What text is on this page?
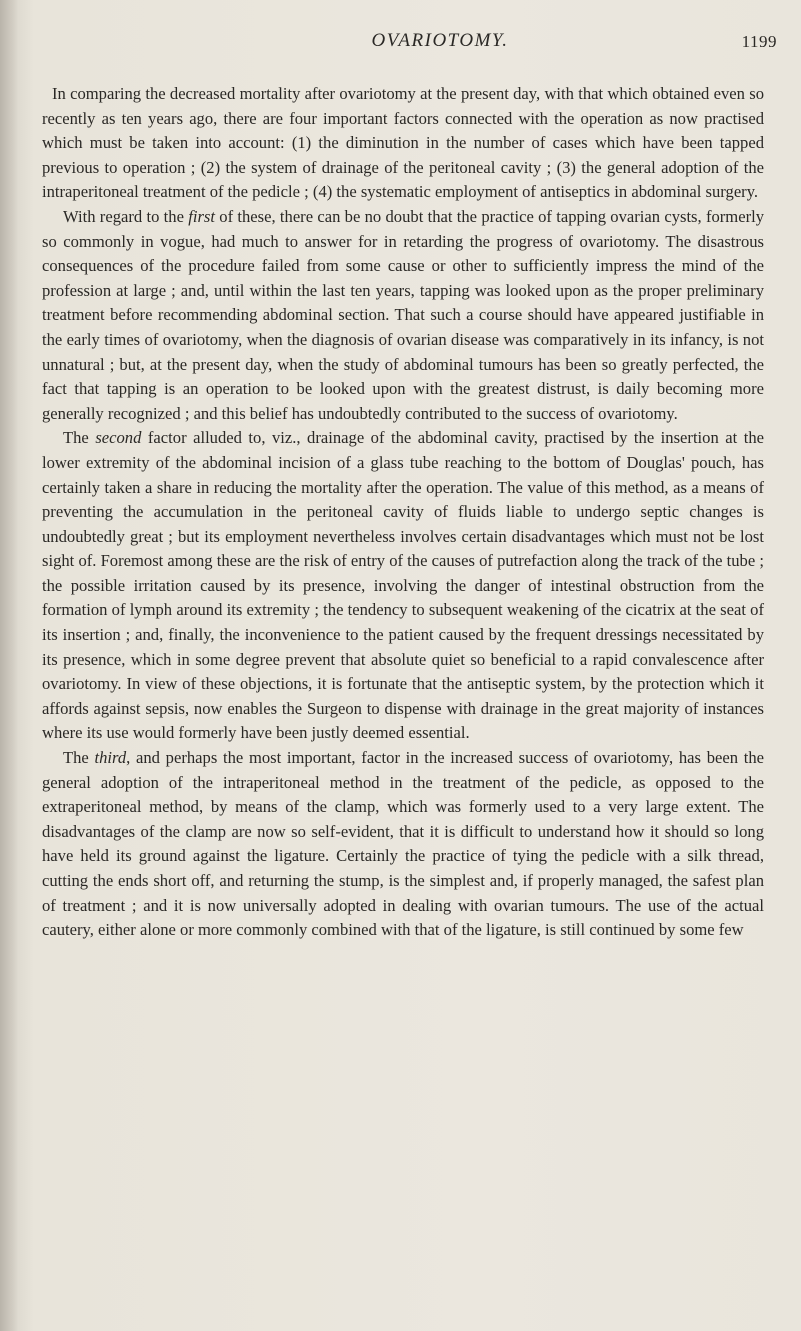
OVARIOTOMY.	1199

In comparing the decreased mortality after ovariotomy at the present day, with that which obtained even so recently as ten years ago, there are four important factors connected with the operation as now practised which must be taken into account: (1) the diminution in the number of cases which have been tapped previous to operation ; (2) the system of drainage of the peritoneal cavity ; (3) the general adoption of the intraperitoneal treatment of the pedicle ; (4) the systematic employment of antiseptics in abdominal surgery.

With regard to the first of these, there can be no doubt that the practice of tapping ovarian cysts, formerly so commonly in vogue, had much to answer for in retarding the progress of ovariotomy. The disastrous consequences of the procedure failed from some cause or other to sufficiently impress the mind of the profession at large ; and, until within the last ten years, tapping was looked upon as the proper preliminary treatment before recommending abdominal section. That such a course should have appeared justifiable in the early times of ovariotomy, when the diagnosis of ovarian disease was comparatively in its infancy, is not unnatural ; but, at the present day, when the study of abdominal tumours has been so greatly perfected, the fact that tapping is an operation to be looked upon with the greatest distrust, is daily becoming more generally recognized ; and this belief has undoubtedly contributed to the success of ovariotomy.

The second factor alluded to, viz., drainage of the abdominal cavity, practised by the insertion at the lower extremity of the abdominal incision of a glass tube reaching to the bottom of Douglas' pouch, has certainly taken a share in reducing the mortality after the operation. The value of this method, as a means of preventing the accumulation in the peritoneal cavity of fluids liable to undergo septic changes is undoubtedly great ; but its employment nevertheless involves certain disadvantages which must not be lost sight of. Foremost among these are the risk of entry of the causes of putrefaction along the track of the tube ; the possible irritation caused by its presence, involving the danger of intestinal obstruction from the formation of lymph around its extremity ; the tendency to subsequent weakening of the cicatrix at the seat of its insertion ; and, finally, the inconvenience to the patient caused by the frequent dressings necessitated by its presence, which in some degree prevent that absolute quiet so beneficial to a rapid convalescence after ovariotomy. In view of these objections, it is fortunate that the antiseptic system, by the protection which it affords against sepsis, now enables the Surgeon to dispense with drainage in the great majority of instances where its use would formerly have been justly deemed essential.

The third, and perhaps the most important, factor in the increased success of ovariotomy, has been the general adoption of the intraperitoneal method in the treatment of the pedicle, as opposed to the extraperitoneal method, by means of the clamp, which was formerly used to a very large extent. The disadvantages of the clamp are now so self-evident, that it is difficult to understand how it should so long have held its ground against the ligature. Certainly the practice of tying the pedicle with a silk thread, cutting the ends short off, and returning the stump, is the simplest and, if properly managed, the safest plan of treatment ; and it is now universally adopted in dealing with ovarian tumours. The use of the actual cautery, either alone or more commonly combined with that of the ligature, is still continued by some few
